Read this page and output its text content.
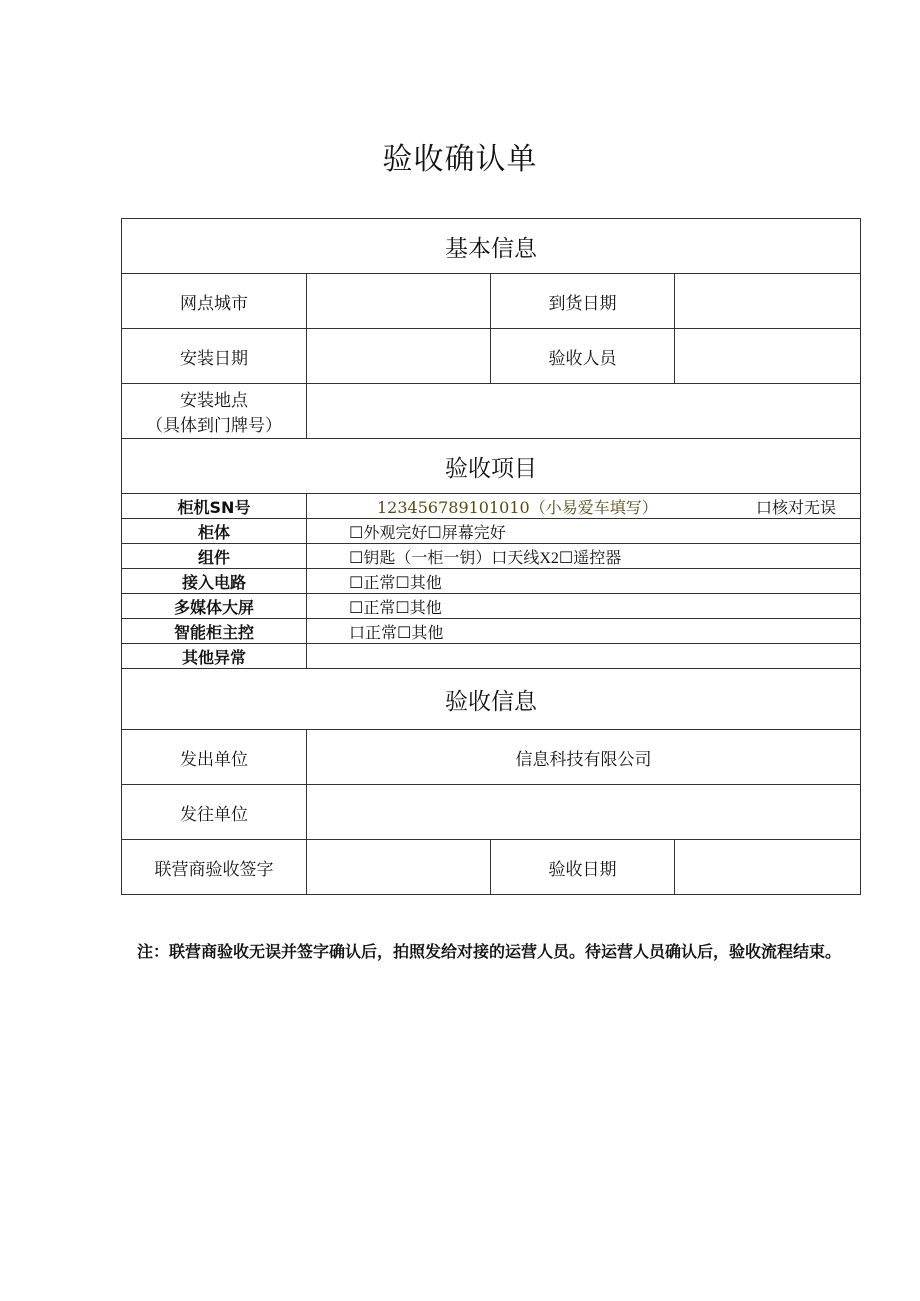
验收确认单
基本信息			
网点城市		到货日期	
安装日期		验收人员	

安装地点
（具体到门牌号）			

验收项目			
柜机SN号	123456789101010（小易爱车填写） 口核对无误		

柜体	☐外观完好☐屏幕完好		
组件	☐钥匙（一柜一钥）口天线X2☐遥控器		
接入电路	☐正常☐其他		
多媒体大屏	☐正常☐其他		
智能柜主控	口正常☐其他		
其他异常			
验收信息			
发出单位	信息科技有限公司		
发往单位			
联营商验收签字		验收日期	
注：联营商验收无误并签字确认后，拍照发给对接的运营人员。待运营人员确认后，验收流程结束。
